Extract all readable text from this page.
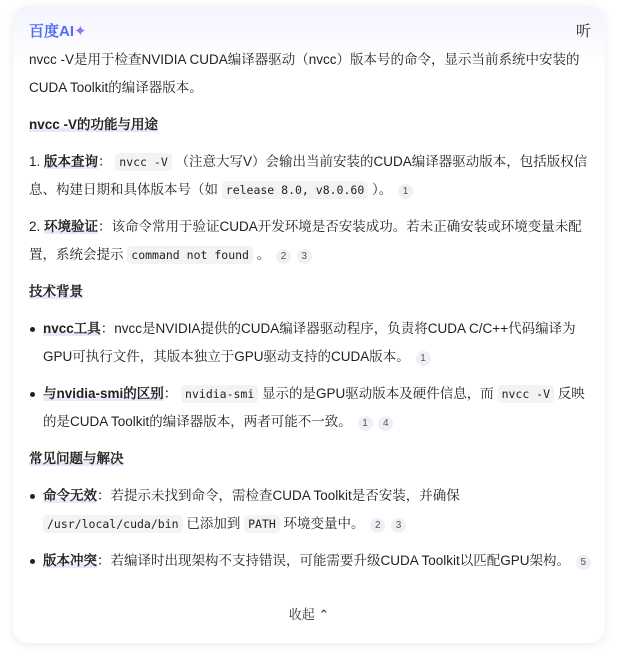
百度AI✦	听

nvcc -V是用于检查NVIDIA CUDA编译器驱动（nvcc）版本号的命令，显示当前系统中安装的CUDA Toolkit的编译器版本。

nvcc -V的功能与用途

1. 版本查询： nvcc -V （注意大写V）会输出当前安装的CUDA编译器驱动版本，包括版权信息、构建日期和具体版本号（如 release 8.0, v8.0.60 ）。 1

2. 环境验证：该命令常用于验证CUDA开发环境是否安装成功。若未正确安装或环境变量未配置，系统会提示 command not found 。 2 3

技术背景

nvcc工具：nvcc是NVIDIA提供的CUDA编译器驱动程序，负责将CUDA C/C++代码编译为GPU可执行文件，其版本独立于GPU驱动支持的CUDA版本。 1

与nvidia-smi的区别： nvidia-smi 显示的是GPU驱动版本及硬件信息，而 nvcc -V 反映的是CUDA Toolkit的编译器版本，两者可能不一致。 1 4

常见问题与解决

命令无效：若提示未找到命令，需检查CUDA Toolkit是否安装，并确保 /usr/local/cuda/bin 已添加到 PATH 环境变量中。 2 3

版本冲突：若编译时出现架构不支持错误，可能需要升级CUDA Toolkit以匹配GPU架构。 5

收起 ⌃
